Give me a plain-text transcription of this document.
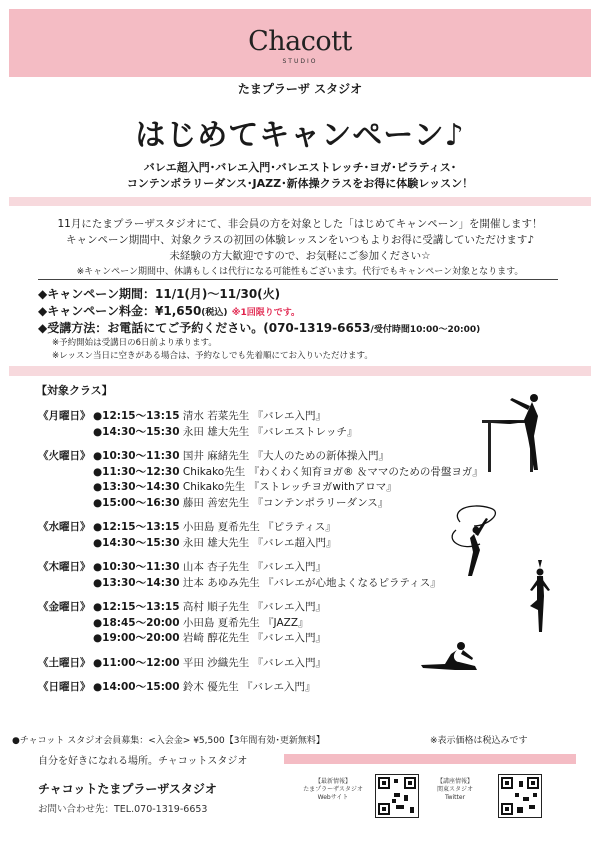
Chacott
STUDIO
たまプラーザ スタジオ
はじめてキャンペーン♪
バレエ超入門･バレエ入門･バレエストレッチ･ヨガ･ピラティス･
コンテンポラリーダンス･JAZZ･新体操クラスをお得に体験レッスン！
11月にたまプラーザスタジオにて、非会員の方を対象とした「はじめてキャンペーン」を開催します！
キャンペーン期間中、対象クラスの初回の体験レッスンをいつもよりお得に受講していただけます♪
未経験の方大歓迎ですので、お気軽にご参加ください☆
※キャンペーン期間中、休講もしくは代行になる可能性もございます。代行でもキャンペーン対象となります。
◆キャンペーン期間：11/1(月)～11/30(火)
◆キャンペーン料金：¥1,650(税込) ※1回限りです。
◆受講方法：お電話にてご予約ください。(070-1319-6653/受付時間10:00～20:00)
※予約開始は受講日の6日前より承ります。
※レッスン当日に空きがある場合は、予約なしでも先着順にてお入りいただけます。
【対象クラス】
《月曜日》 ●12:15～13:15 清水 若菜先生 『バレエ入門』
●14:30～15:30 永田 雄大先生 『バレエストレッチ』
《火曜日》 ●10:30～11:30 国井 麻緒先生 『大人のための新体操入門』
●11:30～12:30 Chikako先生 『わくわく知育ヨガ® ＆ママのための骨盤ヨガ』
●13:30～14:30 Chikako先生 『ストレッチヨガwithアロマ』
●15:00～16:30 藤田 善宏先生 『コンテンポラリーダンス』
《水曜日》 ●12:15～13:15 小田島 夏希先生 『ピラティス』
●14:30～15:30 永田 雄大先生 『バレエ超入門』
《木曜日》 ●10:30～11:30 山本 杏子先生 『バレエ入門』
●13:30～14:30 辻本 あゆみ先生 『バレエが心地よくなるピラティス』
《金曜日》 ●12:15～13:15 高村 順子先生 『バレエ入門』
●18:45～20:00 小田島 夏希先生 『JAZZ』
●19:00～20:00 岩崎 醇花先生 『バレエ入門』
《土曜日》 ●11:00～12:00 平田 沙織先生 『バレエ入門』
《日曜日》 ●14:00～15:00 鈴木 優先生 『バレエ入門』
●チャコット スタジオ会員募集：<入会金> ¥5,500【3年間有効･更新無料】	※表示価格は税込みです
自分を好きになれる場所。チャコットスタジオ
チャコットたまプラーザスタジオ
お問い合わせ先：TEL.070-1319-6653
【最新情報】
たまプラーザスタジオ
Webサイト
【講座情報】
関東スタジオ
Twitter
